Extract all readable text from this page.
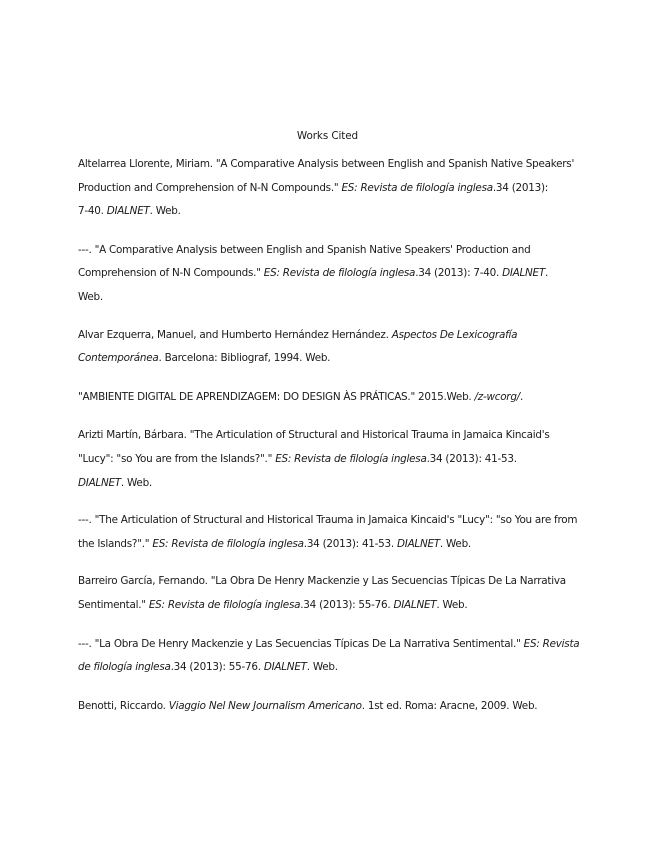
Works Cited
Altelarrea Llorente, Miriam. "A Comparative Analysis between English and Spanish Native Speakers'
Production and Comprehension of N-N Compounds." ES: Revista de filología inglesa.34 (2013):
7-40. DIALNET. Web.
---. "A Comparative Analysis between English and Spanish Native Speakers' Production and
Comprehension of N-N Compounds." ES: Revista de filología inglesa.34 (2013): 7-40. DIALNET.
Web.
Alvar Ezquerra, Manuel, and Humberto Hernández Hernández. Aspectos De Lexicografía
Contemporánea. Barcelona: Bibliograf, 1994. Web.
"AMBIENTE DIGITAL DE APRENDIZAGEM: DO DESIGN ÀS PRÁTICAS." 2015.Web. /z-wcorg/.
Arizti Martín, Bárbara. "The Articulation of Structural and Historical Trauma in Jamaica Kincaid's
"Lucy": "so You are from the Islands?"." ES: Revista de filología inglesa.34 (2013): 41-53.
DIALNET. Web.
---. "The Articulation of Structural and Historical Trauma in Jamaica Kincaid's "Lucy": "so You are from
the Islands?"." ES: Revista de filología inglesa.34 (2013): 41-53. DIALNET. Web.
Barreiro García, Fernando. "La Obra De Henry Mackenzie y Las Secuencias Típicas De La Narrativa
Sentimental." ES: Revista de filología inglesa.34 (2013): 55-76. DIALNET. Web.
---. "La Obra De Henry Mackenzie y Las Secuencias Típicas De La Narrativa Sentimental." ES: Revista
de filología inglesa.34 (2013): 55-76. DIALNET. Web.
Benotti, Riccardo. Viaggio Nel New Journalism Americano. 1st ed. Roma: Aracne, 2009. Web.
